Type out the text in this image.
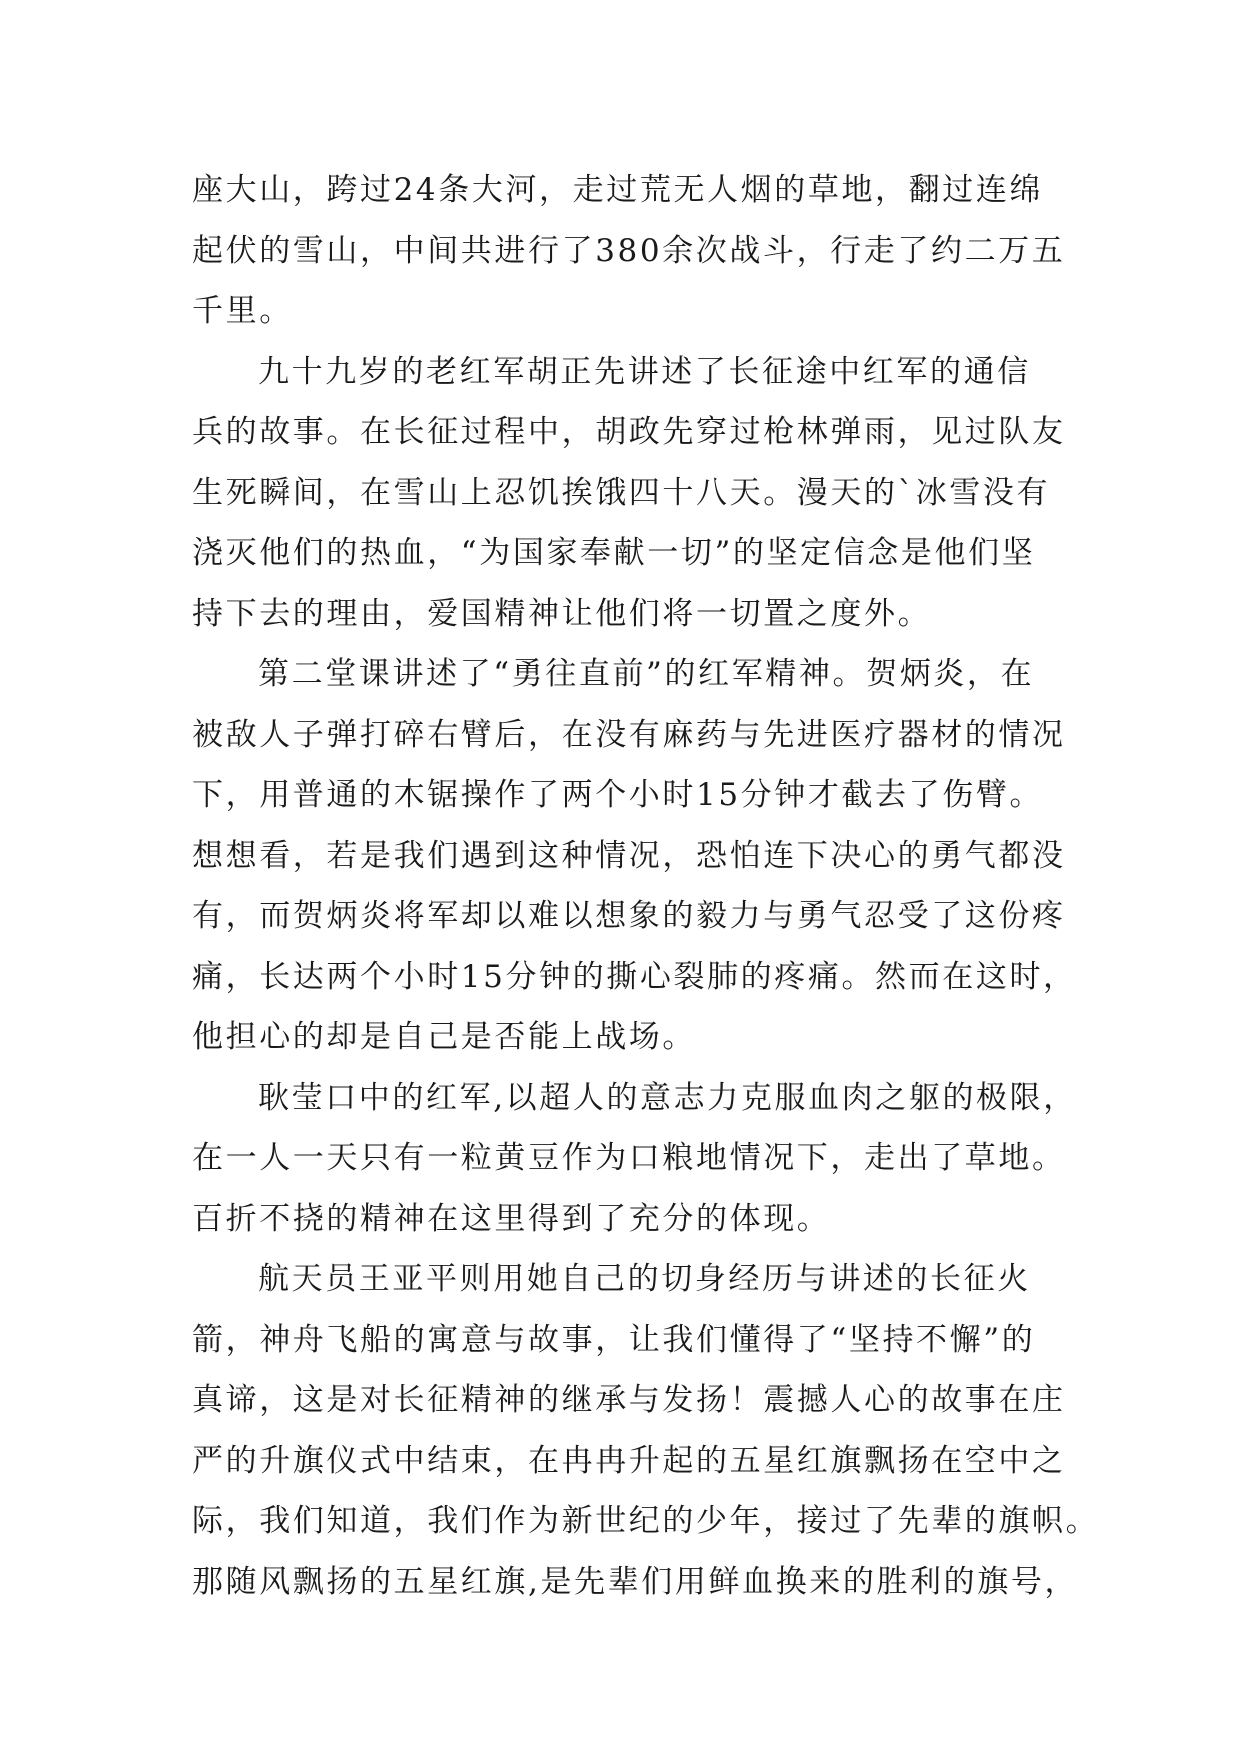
座大山，跨过24条大河，走过荒无人烟的草地，翻过连绵
起伏的雪山，中间共进行了380余次战斗，行走了约二万五
千里。
九十九岁的老红军胡正先讲述了长征途中红军的通信
兵的故事。在长征过程中，胡政先穿过枪林弹雨，见过队友
生死瞬间，在雪山上忍饥挨饿四十八天。漫天的`冰雪没有
浇灭他们的热血，“为国家奉献一切”的坚定信念是他们坚
持下去的理由，爱国精神让他们将一切置之度外。
第二堂课讲述了“勇往直前”的红军精神。贺炳炎，在
被敌人子弹打碎右臂后，在没有麻药与先进医疗器材的情况
下，用普通的木锯操作了两个小时15分钟才截去了伤臂。
想想看，若是我们遇到这种情况，恐怕连下决心的勇气都没
有，而贺炳炎将军却以难以想象的毅力与勇气忍受了这份疼
痛，长达两个小时15分钟的撕心裂肺的疼痛。然而在这时，
他担心的却是自己是否能上战场。
耿莹口中的红军,以超人的意志力克服血肉之躯的极限，
在一人一天只有一粒黄豆作为口粮地情况下，走出了草地。
百折不挠的精神在这里得到了充分的体现。
航天员王亚平则用她自己的切身经历与讲述的长征火
箭，神舟飞船的寓意与故事，让我们懂得了“坚持不懈”的
真谛，这是对长征精神的继承与发扬！震撼人心的故事在庄
严的升旗仪式中结束，在冉冉升起的五星红旗飘扬在空中之
际，我们知道，我们作为新世纪的少年，接过了先辈的旗帜。
那随风飘扬的五星红旗,是先辈们用鲜血换来的胜利的旗号，
